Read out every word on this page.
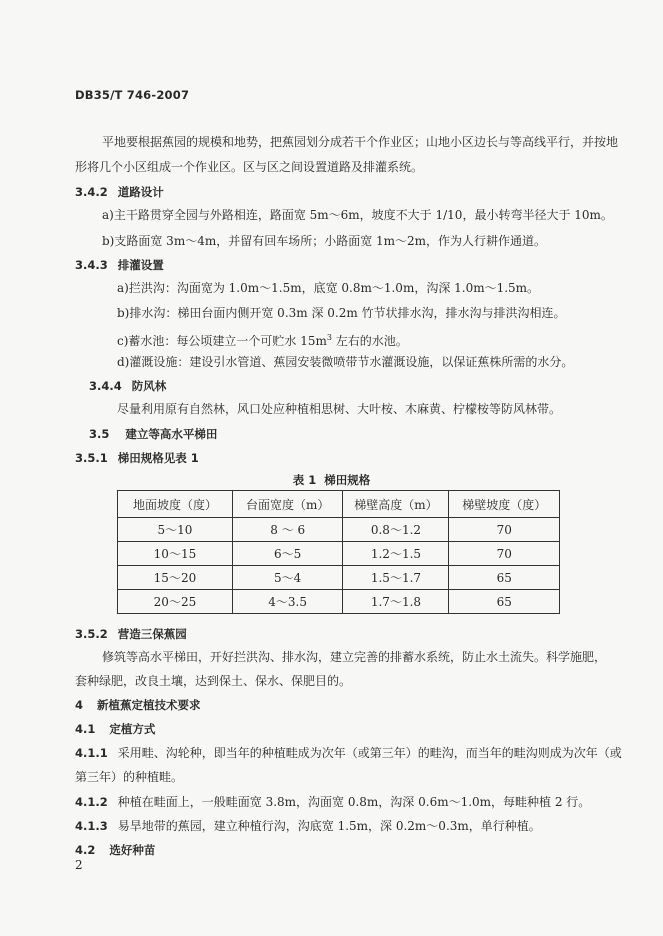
DB35/T 746-2007
平地要根据蕉园的规模和地势，把蕉园划分成若干个作业区；山地小区边长与等高线平行，并按地
形将几个小区组成一个作业区。区与区之间设置道路及排灌系统。
3.4.2 道路设计
a)主干路贯穿全园与外路相连，路面宽 5m～6m，坡度不大于 1/10，最小转弯半径大于 10m。
b)支路面宽 3m～4m，并留有回车场所；小路面宽 1m～2m，作为人行耕作通道。
3.4.3 排灌设置
a)拦洪沟：沟面宽为 1.0m～1.5m，底宽 0.8m～1.0m，沟深 1.0m～1.5m。
b)排水沟：梯田台面内侧开宽 0.3m 深 0.2m 竹节状排水沟，排水沟与排洪沟相连。
c)蓄水池：每公顷建立一个可贮水 $15m^3$ 左右的水池。
d)灌溉设施：建设引水管道、蕉园安装微喷带节水灌溉设施，以保证蕉株所需的水分。
3.4.4 防风林
尽量利用原有自然林，风口处应种植相思树、大叶桉、木麻黄、柠檬桉等防风林带。
3.5 建立等高水平梯田
3.5.1 梯田规格见表 1
表 1 梯田规格
地面坡度（度）	台面宽度（m）	梯壁高度（m）	梯壁坡度（度）
5～10	8 ～ 6	0.8～1.2	70
10～15	6～5	1.2～1.5	70
15～20	5～4	1.5～1.7	65
20～25	4～3.5	1.7～1.8	65
3.5.2 营造三保蕉园
修筑等高水平梯田，开好拦洪沟、排水沟，建立完善的排蓄水系统，防止水土流失。科学施肥，
套种绿肥，改良土壤，达到保土、保水、保肥目的。
4 新植蕉定植技术要求
4.1 定植方式
4.1.1 采用畦、沟轮种，即当年的种植畦成为次年（或第三年）的畦沟，而当年的畦沟则成为次年（或
第三年）的种植畦。
4.1.2 种植在畦面上，一般畦面宽 3.8m，沟面宽 0.8m，沟深 0.6m～1.0m，每畦种植 2 行。
4.1.3 易旱地带的蕉园，建立种植行沟，沟底宽 1.5m，深 0.2m～0.3m，单行种植。
4.2 选好种苗
2
